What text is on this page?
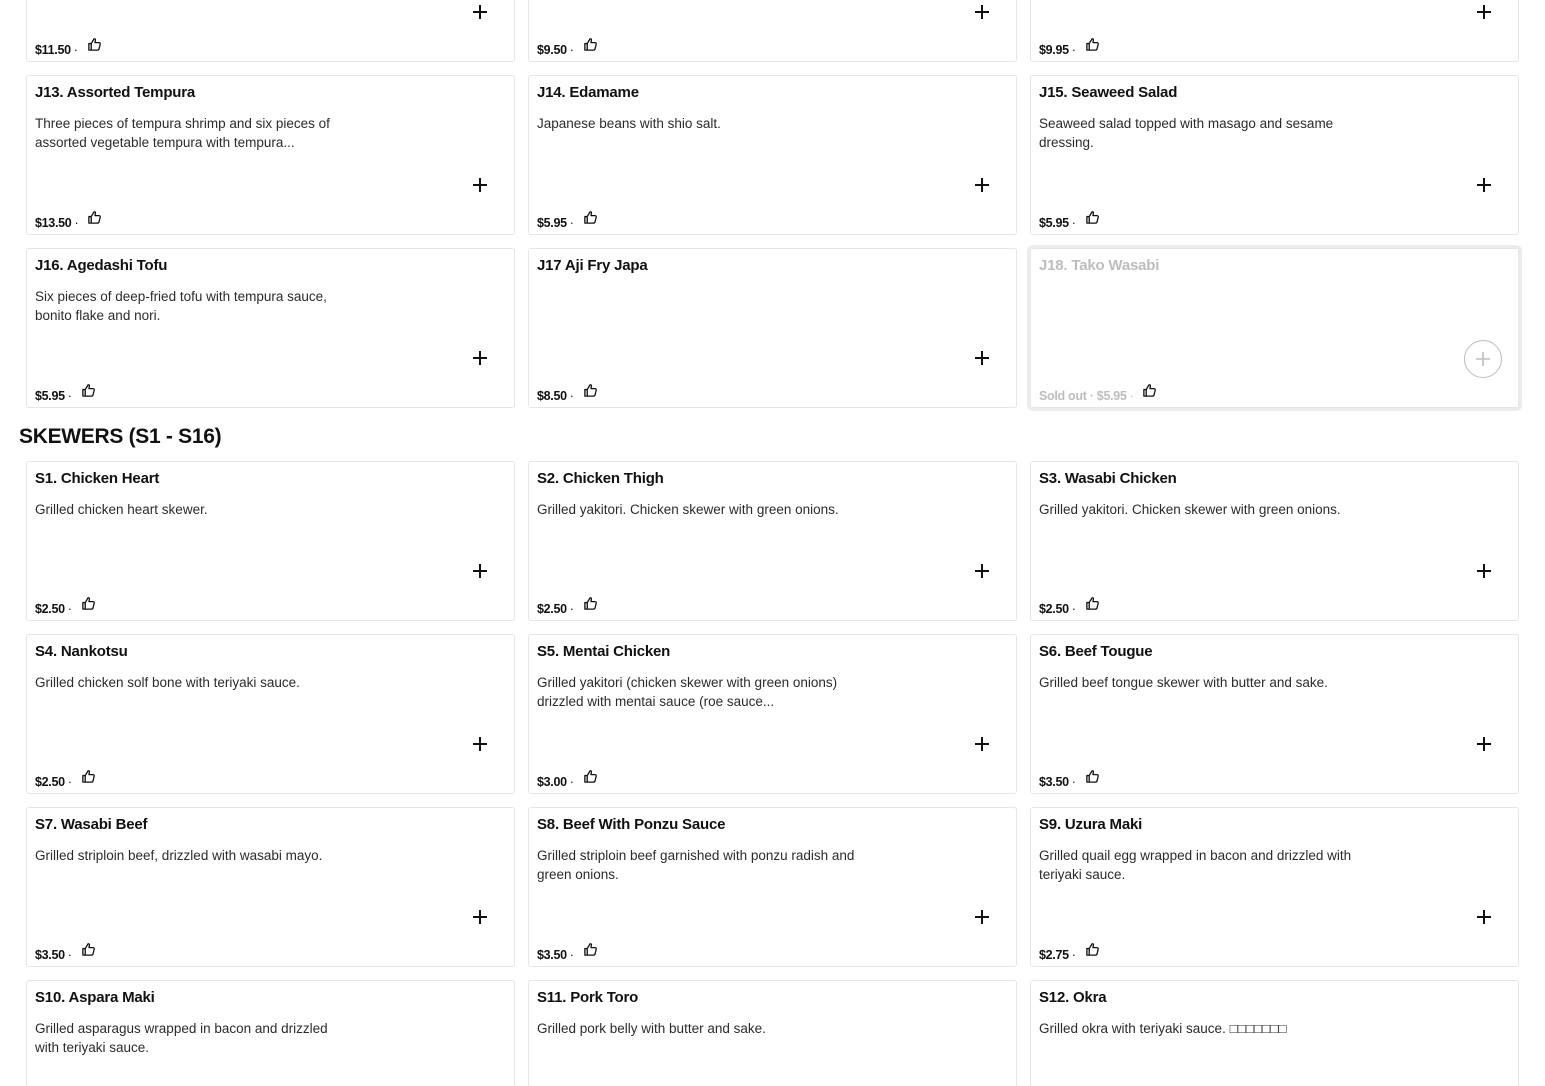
$11.50 ·	$9.50 ·	$9.95 ·
J13. Assorted Tempura
Three pieces of tempura shrimp and six pieces of assorted vegetable tempura with tempura...
$13.50 ·
J14. Edamame
Japanese beans with shio salt.
$5.95 ·
J15. Seaweed Salad
Seaweed salad topped with masago and sesame dressing.
$5.95 ·
J16. Agedashi Tofu
Six pieces of deep-fried tofu with tempura sauce, bonito flake and nori.
$5.95 ·
J17 Aji Fry Japa
$8.50 ·
J18. Tako Wasabi
Sold out · $5.95 ·
SKEWERS (S1 - S16)
S1. Chicken Heart
Grilled chicken heart skewer.
$2.50 ·
S2. Chicken Thigh
Grilled yakitori. Chicken skewer with green onions.
$2.50 ·
S3. Wasabi Chicken
Grilled yakitori. Chicken skewer with green onions.
$2.50 ·
S4. Nankotsu
Grilled chicken solf bone with teriyaki sauce.
$2.50 ·
S5. Mentai Chicken
Grilled yakitori (chicken skewer with green onions) drizzled with mentai sauce (roe sauce...
$3.00 ·
S6. Beef Tougue
Grilled beef tongue skewer with butter and sake.
$3.50 ·
S7. Wasabi Beef
Grilled striploin beef, drizzled with wasabi mayo.
$3.50 ·
S8. Beef With Ponzu Sauce
Grilled striploin beef garnished with ponzu radish and green onions.
$3.50 ·
S9. Uzura Maki
Grilled quail egg wrapped in bacon and drizzled with teriyaki sauce.
$2.75 ·
S10. Aspara Maki
Grilled asparagus wrapped in bacon and drizzled with teriyaki sauce.
S11. Pork Toro
Grilled pork belly with butter and sake.
S12. Okra
Grilled okra with teriyaki sauce. □□□□□□□
